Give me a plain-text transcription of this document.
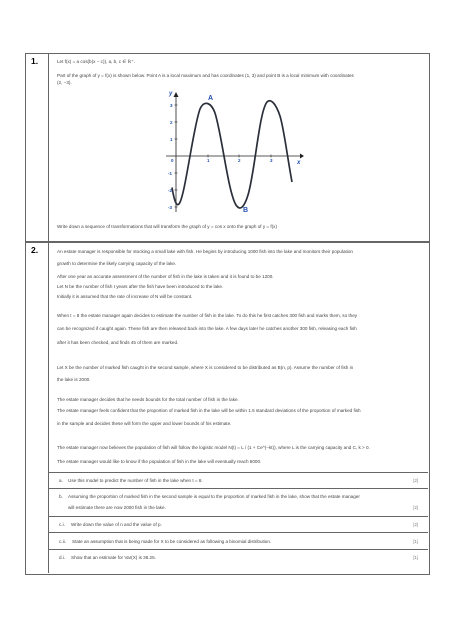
1.	Let f(x) = a cos(b(x − c)), a, b, c ∈ ℝ⁺.
Part of the graph of y = f(x) is shown below. Point A is a local maximum and has coordinates (1, 3) and point B is a local minimum with coordinates
(2, −3).
y
x
A
B
0	1	2	3
3
2
1
-1
-2
-3
Write down a sequence of transformations that will transform the graph of y = cos x onto the graph of y = f(x)
2.	An estate manager is responsible for stocking a small lake with fish. He begins by introducing 1000 fish into the lake and monitors their population
growth to determine the likely carrying capacity of the lake.
After one year an accurate assessment of the number of fish in the lake is taken and it is found to be 1200.
Let N be the number of fish t years after the fish have been introduced to the lake.
Initially it is assumed that the rate of increase of N will be constant.
When t = 8 the estate manager again decides to estimate the number of fish in the lake. To do this he first catches 300 fish and marks them, so they
can be recognized if caught again. These fish are then released back into the lake. A few days later he catches another 300 fish, releasing each fish
after it has been checked, and finds 45 of them are marked.
Let X be the number of marked fish caught in the second sample, where X is considered to be distributed as B(n, p). Assume the number of fish in
the lake is 2000.
The estate manager decides that he needs bounds for the total number of fish in the lake.
The estate manager feels confident that the proportion of marked fish in the lake will be within 1.5 standard deviations of the proportion of marked fish
in the sample and decides these will form the upper and lower bounds of his estimate.
The estate manager now believes the population of fish will follow the logistic model N(t) = L / (1 + Ce^(−kt)), where L is the carrying capacity and C, k > 0.
The estate manager would like to know if the population of fish in the lake will eventually reach 5000.
a. Use this model to predict the number of fish in the lake when t = 8.	[2]
b. Assuming the proportion of marked fish in the second sample is equal to the proportion of marked fish in the lake, show that the estate manager
will estimate there are now 2000 fish in the lake.	[2]
c.i. Write down the value of n and the value of p.	[2]
c.ii. State an assumption that is being made for X to be considered as following a binomial distribution.	[1]
d.i. Show that an estimate for Var(X) is 38.25.	[1]
